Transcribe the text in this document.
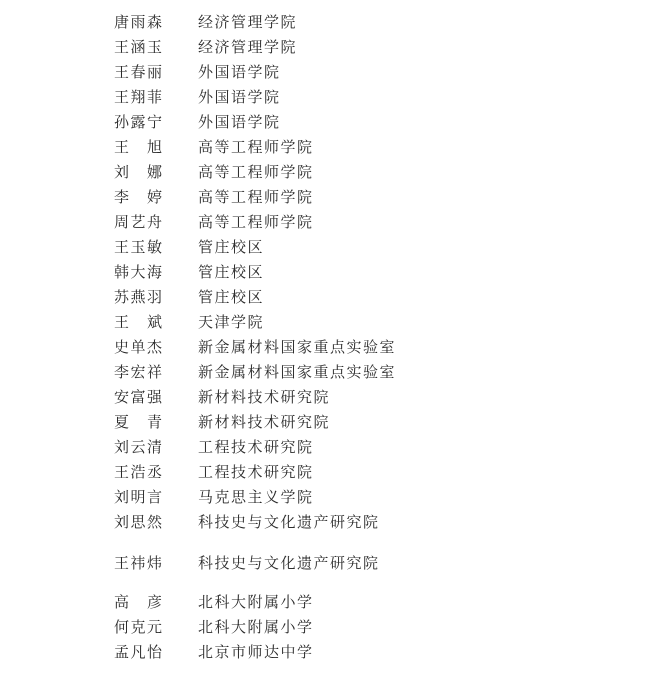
唐雨森 经济管理学院
王涵玉 经济管理学院
王春丽 外国语学院
王翔菲 外国语学院
孙露宁 外国语学院
王　旭 高等工程师学院
刘　娜 高等工程师学院
李　婷 高等工程师学院
周艺舟 高等工程师学院
王玉敏 管庄校区
韩大海 管庄校区
苏燕羽 管庄校区
王　斌 天津学院
史单杰 新金属材料国家重点实验室
李宏祥 新金属材料国家重点实验室
安富强 新材料技术研究院
夏　青 新材料技术研究院
刘云清 工程技术研究院
王浩丞 工程技术研究院
刘明言 马克思主义学院
刘思然 科技史与文化遗产研究院
王祎炜 科技史与文化遗产研究院
高　彦 北科大附属小学
何克元 北科大附属小学
孟凡怡 北京市师达中学
